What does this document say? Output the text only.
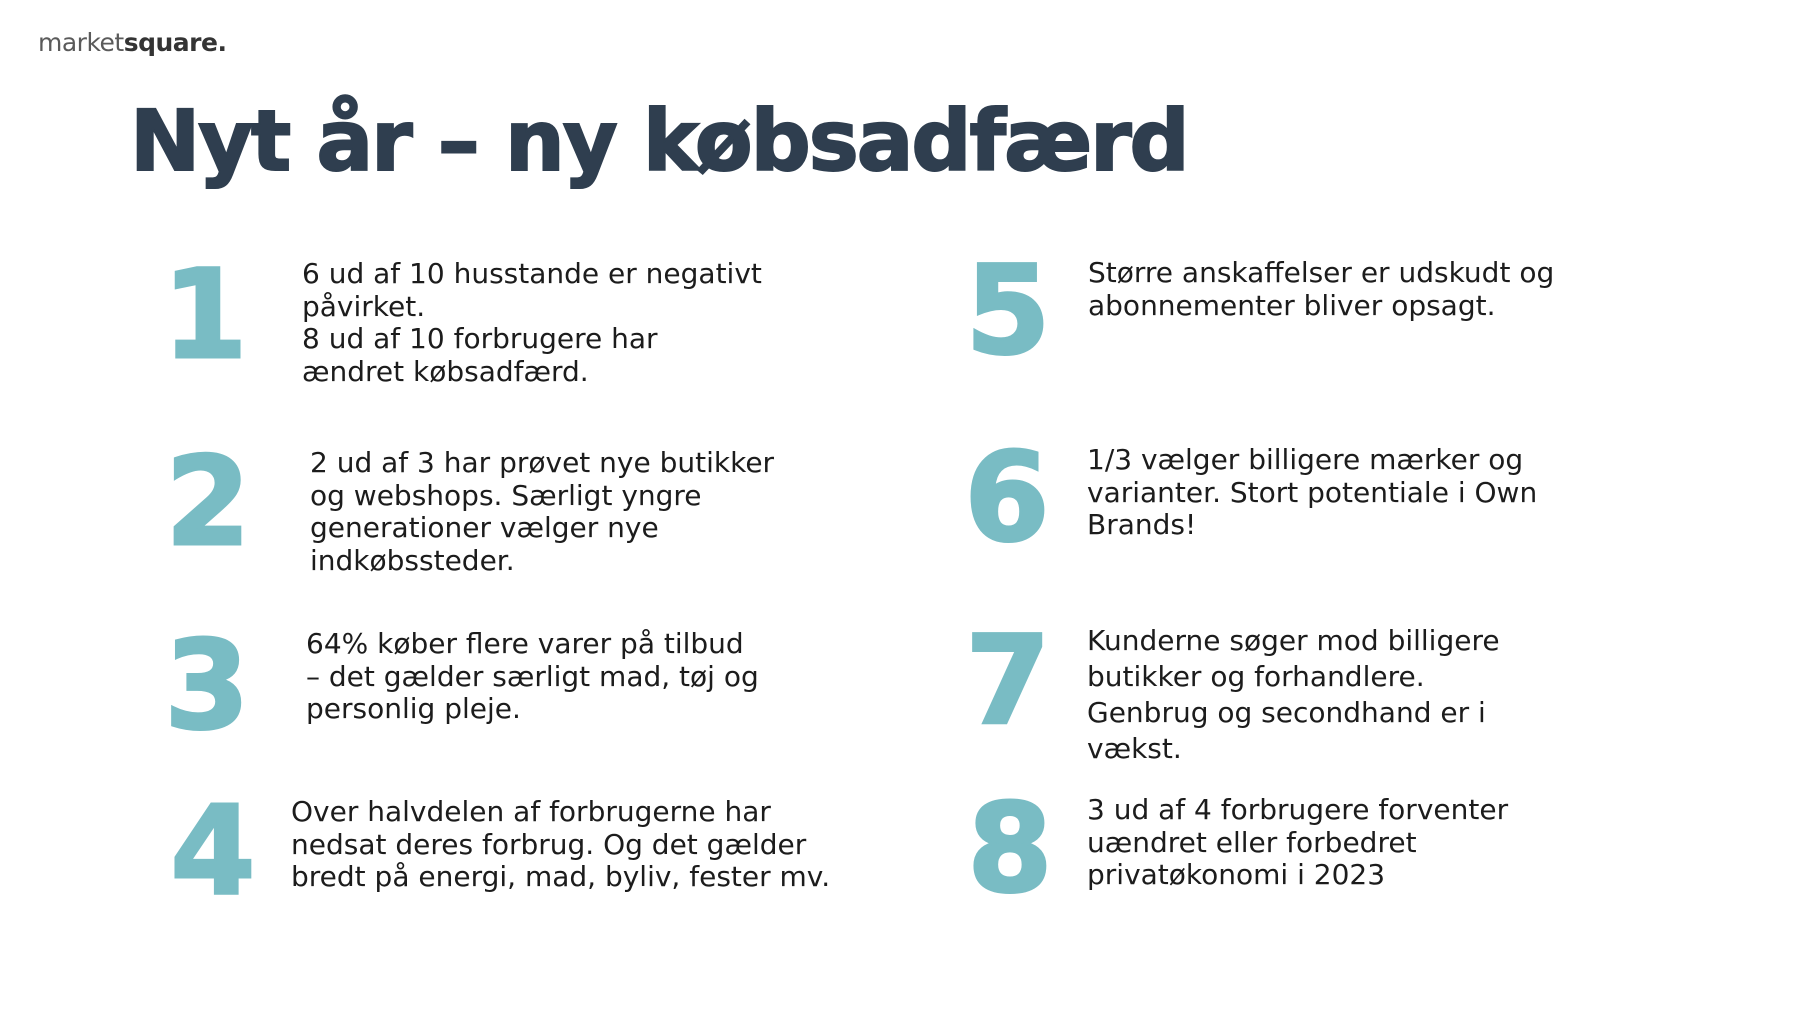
marketsquare.
Nyt år – ny købsadfærd
1	6 ud af 10 husstande er negativt
påvirket.
8 ud af 10 forbrugere har
ændret købsadfærd.
2	2 ud af 3 har prøvet nye butikker
og webshops. Særligt yngre
generationer vælger nye
indkøbssteder.
3	64% køber flere varer på tilbud
– det gælder særligt mad, tøj og
personlig pleje.
4	Over halvdelen af forbrugerne har
nedsat deres forbrug. Og det gælder
bredt på energi, mad, byliv, fester mv.
5	Større anskaffelser er udskudt og
abonnementer bliver opsagt.
6	1/3 vælger billigere mærker og
varianter. Stort potentiale i Own
Brands!
7	Kunderne søger mod billigere
butikker og forhandlere.
Genbrug og secondhand er i
vækst.
8	3 ud af 4 forbrugere forventer
uændret eller forbedret
privatøkonomi i 2023
